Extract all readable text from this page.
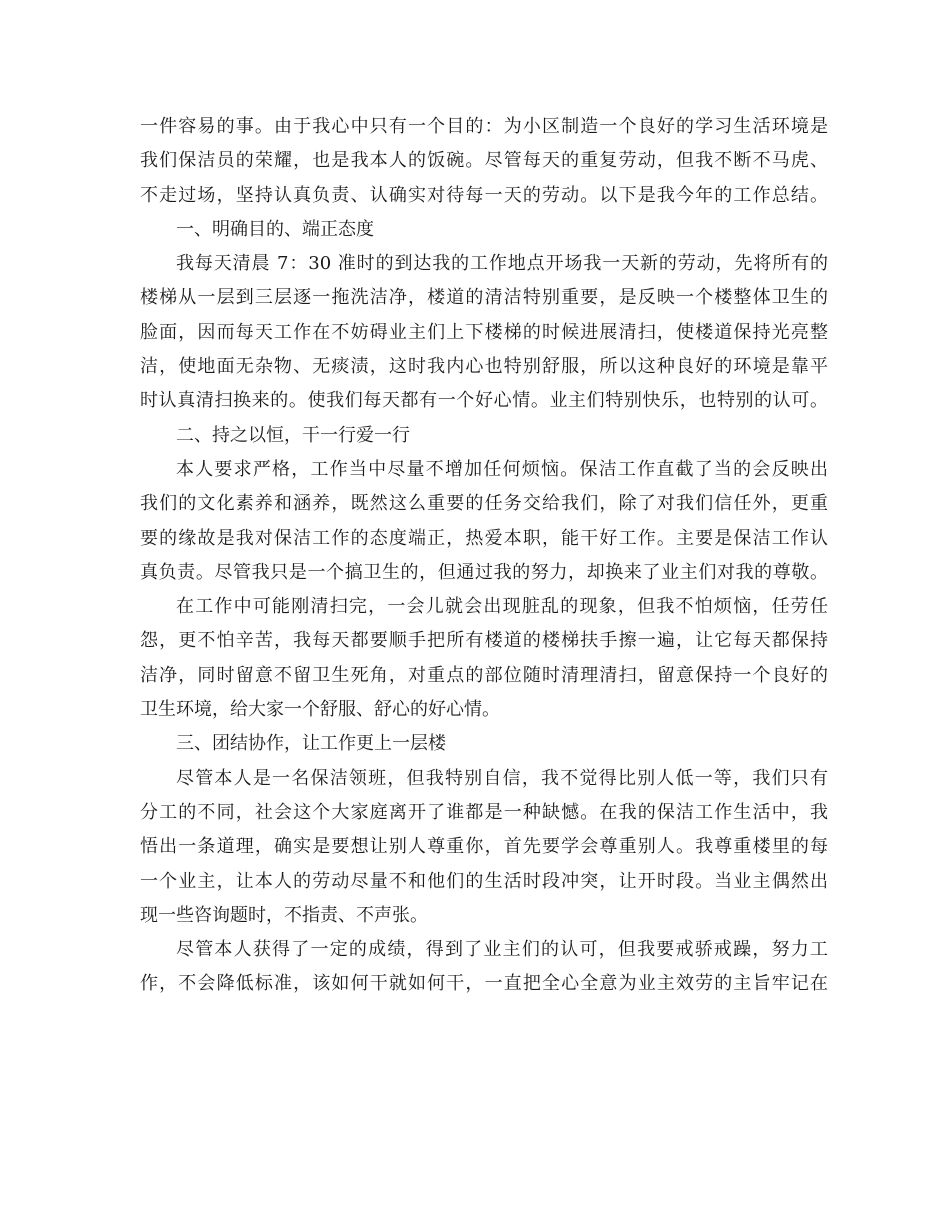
一件容易的事。由于我心中只有一个目的：为小区制造一个良好的学习生活环境是

我们保洁员的荣耀，也是我本人的饭碗。尽管每天的重复劳动，但我不断不马虎、

不走过场，坚持认真负责、认确实对待每一天的劳动。以下是我今年的工作总结。

一、明确目的、端正态度

我每天清晨 7：30 准时的到达我的工作地点开场我一天新的劳动，先将所有的

楼梯从一层到三层逐一拖洗洁净，楼道的清洁特别重要，是反映一个楼整体卫生的

脸面，因而每天工作在不妨碍业主们上下楼梯的时候进展清扫，使楼道保持光亮整

洁，使地面无杂物、无痰渍，这时我内心也特别舒服，所以这种良好的环境是靠平

时认真清扫换来的。使我们每天都有一个好心情。业主们特别快乐，也特别的认可。

二、持之以恒，干一行爱一行

本人要求严格，工作当中尽量不增加任何烦恼。保洁工作直截了当的会反映出

我们的文化素养和涵养，既然这么重要的任务交给我们，除了对我们信任外，更重

要的缘故是我对保洁工作的态度端正，热爱本职，能干好工作。主要是保洁工作认

真负责。尽管我只是一个搞卫生的，但通过我的努力，却换来了业主们对我的尊敬。

在工作中可能刚清扫完，一会儿就会出现脏乱的现象，但我不怕烦恼，任劳任

怨，更不怕辛苦，我每天都要顺手把所有楼道的楼梯扶手擦一遍，让它每天都保持

洁净，同时留意不留卫生死角，对重点的部位随时清理清扫，留意保持一个良好的

卫生环境，给大家一个舒服、舒心的好心情。

三、团结协作，让工作更上一层楼

尽管本人是一名保洁领班，但我特别自信，我不觉得比别人低一等，我们只有

分工的不同，社会这个大家庭离开了谁都是一种缺憾。在我的保洁工作生活中，我

悟出一条道理，确实是要想让别人尊重你，首先要学会尊重别人。我尊重楼里的每

一个业主，让本人的劳动尽量不和他们的生活时段冲突，让开时段。当业主偶然出

现一些咨询题时，不指责、不声张。

尽管本人获得了一定的成绩，得到了业主们的认可，但我要戒骄戒躁，努力工

作，不会降低标准，该如何干就如何干，一直把全心全意为业主效劳的主旨牢记在
